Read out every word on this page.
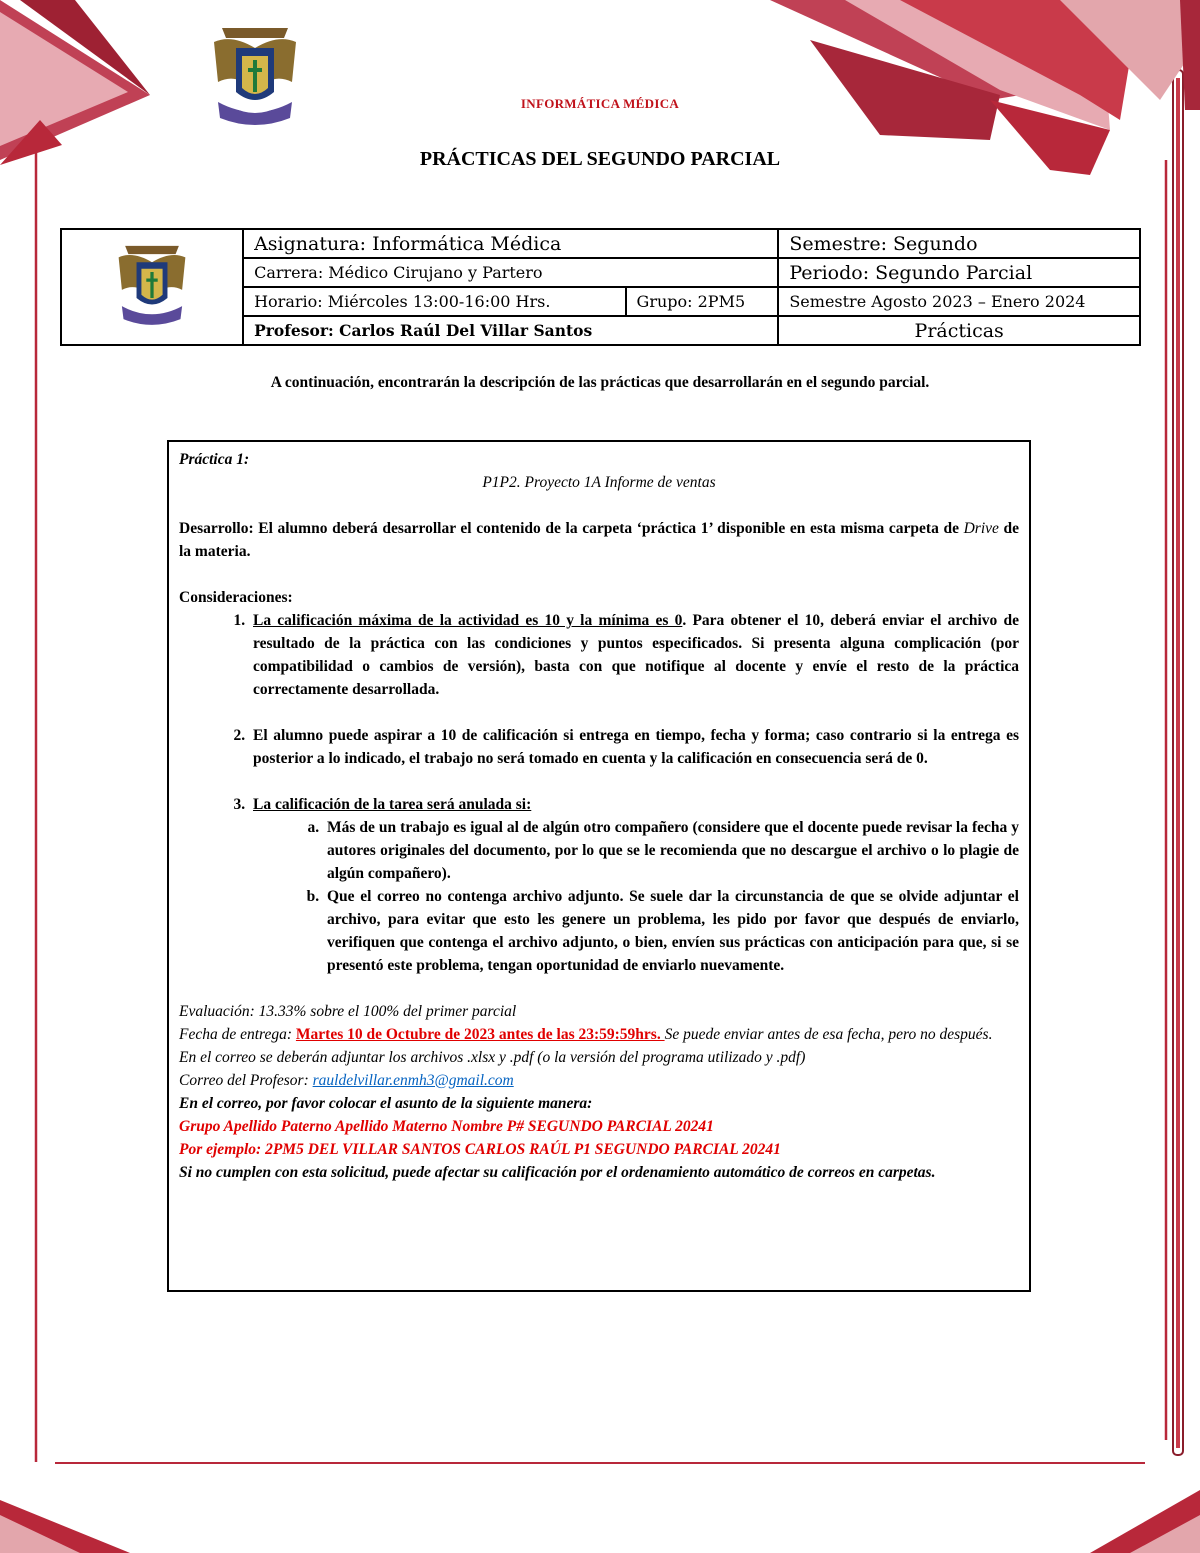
INFORMÁTICA MÉDICA
PRÁCTICAS DEL SEGUNDO PARCIAL
	Asignatura: Informática Médica		Semestre: Segundo
	Carrera: Médico Cirujano y Partero		Periodo: Segundo Parcial
	Horario: Miércoles 13:00-16:00 Hrs.	Grupo: 2PM5	Semestre Agosto 2023 – Enero 2024
	Profesor: Carlos Raúl Del Villar Santos		Prácticas
A continuación, encontrarán la descripción de las prácticas que desarrollarán en el segundo parcial.

Práctica 1:

P1P2. Proyecto 1A Informe de ventas

Desarrollo: El alumno deberá desarrollar el contenido de la carpeta ‘práctica 1’ disponible en esta misma carpeta de Drive de la materia.

Consideraciones:

1. La calificación máxima de la actividad es 10 y la mínima es 0. Para obtener el 10, deberá enviar el archivo de resultado de la práctica con las condiciones y puntos especificados. Si presenta alguna complicación (por compatibilidad o cambios de versión), basta con que notifique al docente y envíe el resto de la práctica correctamente desarrollada.
2. El alumno puede aspirar a 10 de calificación si entrega en tiempo, fecha y forma; caso contrario si la entrega es posterior a lo indicado, el trabajo no será tomado en cuenta y la calificación en consecuencia será de 0.
3. La calificación de la tarea será anulada si:
a. Más de un trabajo es igual al de algún otro compañero (considere que el docente puede revisar la fecha y autores originales del documento, por lo que se le recomienda que no descargue el archivo o lo plagie de algún compañero).
b. Que el correo no contenga archivo adjunto. Se suele dar la circunstancia de que se olvide adjuntar el archivo, para evitar que esto les genere un problema, les pido por favor que después de enviarlo, verifiquen que contenga el archivo adjunto, o bien, envíen sus prácticas con anticipación para que, si se presentó este problema, tengan oportunidad de enviarlo nuevamente.

Evaluación: 13.33% sobre el 100% del primer parcial

Fecha de entrega: Martes 10 de Octubre de 2023 antes de las 23:59:59hrs. Se puede enviar antes de esa fecha, pero no después.

En el correo se deberán adjuntar los archivos .xlsx y .pdf (o la versión del programa utilizado y .pdf)

Correo del Profesor: rauldelvillar.enmh3@gmail.com

En el correo, por favor colocar el asunto de la siguiente manera:

Grupo Apellido Paterno Apellido Materno Nombre P# SEGUNDO PARCIAL 20241

Por ejemplo: 2PM5 DEL VILLAR SANTOS CARLOS RAÚL P1 SEGUNDO PARCIAL 20241

Si no cumplen con esta solicitud, puede afectar su calificación por el ordenamiento automático de correos en carpetas.
